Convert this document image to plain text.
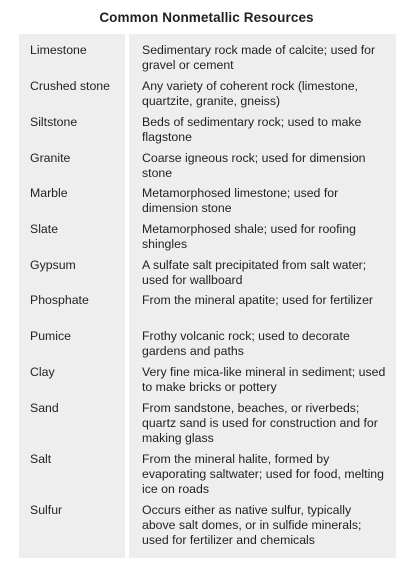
Common Nonmetallic Resources
Limestone	Sedimentary rock made of calcite; used for gravel or cement
Crushed stone	Any variety of coherent rock (limestone, quartzite, granite, gneiss)
Siltstone	Beds of sedimentary rock; used to make flagstone
Granite	Coarse igneous rock; used for dimension stone
Marble	Metamorphosed limestone; used for dimension stone
Slate	Metamorphosed shale; used for roofing shingles
Gypsum	A sulfate salt precipitated from salt water; used for wallboard
Phosphate	From the mineral apatite; used for fertilizer
Pumice	Frothy volcanic rock; used to decorate gardens and paths
Clay	Very fine mica-like mineral in sediment; used to make bricks or pottery
Sand	From sandstone, beaches, or riverbeds; quartz sand is used for construction and for making glass
Salt	From the mineral halite, formed by evaporating saltwater; used for food, melting ice on roads
Sulfur	Occurs either as native sulfur, typically above salt domes, or in sulfide minerals; used for fertilizer and chemicals
